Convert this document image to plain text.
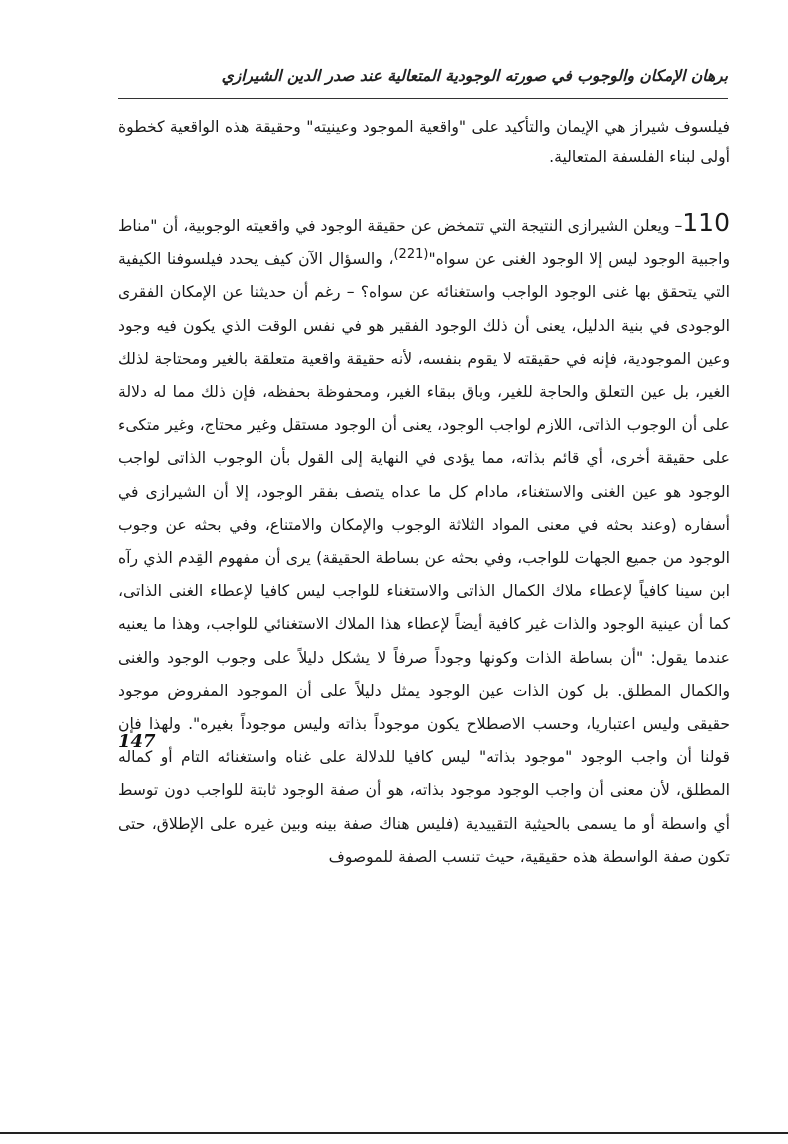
برهان الإمكان والوجوب في صورته الوجودية المتعالية عند صدر الدين الشيرازي

فيلسوف شيراز هي الإيمان والتأكيد على "واقعية الموجود وعينيته" وحقيقة هذه الواقعية كخطوة أولى لبناء الفلسفة المتعالية.

110– ويعلن الشيرازى النتيجة التي تتمخض عن حقيقة الوجود في واقعيته الوجوبية، أن "مناط واجبية الوجود ليس إلا الوجود الغنى عن سواه"$^{(221)}$، والسؤال الآن كيف يحدد فيلسوفنا الكيفية التي يتحقق بها غنى الوجود الواجب واستغنائه عن سواه؟ – رغم أن حديثنا عن الإمكان الفقرى الوجودى في بنية الدليل، يعنى أن ذلك الوجود الفقير هو في نفس الوقت الذي يكون فيه وجود وعين الموجودية، فإنه في حقيقته لا يقوم بنفسه، لأنه حقيقة واقعية متعلقة بالغير ومحتاجة لذلك الغير، بل عين التعلق والحاجة للغير، وباق ببقاء الغير، ومحفوظة بحفظه، فإن ذلك مما له دلالة على أن الوجوب الذاتى، اللازم لواجب الوجود، يعنى أن الوجود مستقل وغير محتاج، وغير متكىء على حقيقة أخرى، أي قائم بذاته، مما يؤدى في النهاية إلى القول بأن الوجوب الذاتى لواجب الوجود هو عين الغنى والاستغناء، مادام كل ما عداه يتصف بفقر الوجود، إلا أن الشيرازى في أسفاره (وعند بحثه في معنى المواد الثلاثة الوجوب والإمكان والامتناع، وفي بحثه عن وجوب الوجود من جميع الجهات للواجب، وفي بحثه عن بساطة الحقيقة) يرى أن مفهوم القِدم الذي رآه ابن سينا كافياً لإعطاء ملاك الكمال الذاتى والاستغناء للواجب ليس كافيا لإعطاء الغنى الذاتى، كما أن عينية الوجود والذات غير كافية أيضاً لإعطاء هذا الملاك الاستغنائي للواجب، وهذا ما يعنيه عندما يقول: "أن بساطة الذات وكونها وجوداً صرفاً لا يشكل دليلاً على وجوب الوجود والغنى والكمال المطلق. بل كون الذات عين الوجود يمثل دليلاً على أن الموجود المفروض موجود حقيقى وليس اعتباريا، وحسب الاصطلاح يكون موجوداً بذاته وليس موجوداً بغيره". ولهذا فإن قولنا أن واجب الوجود "موجود بذاته" ليس كافيا للدلالة على غناه واستغنائه التام أو كماله المطلق، لأن معنى أن واجب الوجود موجود بذاته، هو أن صفة الوجود ثابتة للواجب دون توسط أي واسطة أو ما يسمى بالحيثية التقييدية (فليس هناك صفة بينه وبين غيره على الإطلاق، حتى تكون صفة الواسطة هذه حقيقية، حيث تنسب الصفة للموصوف

147
